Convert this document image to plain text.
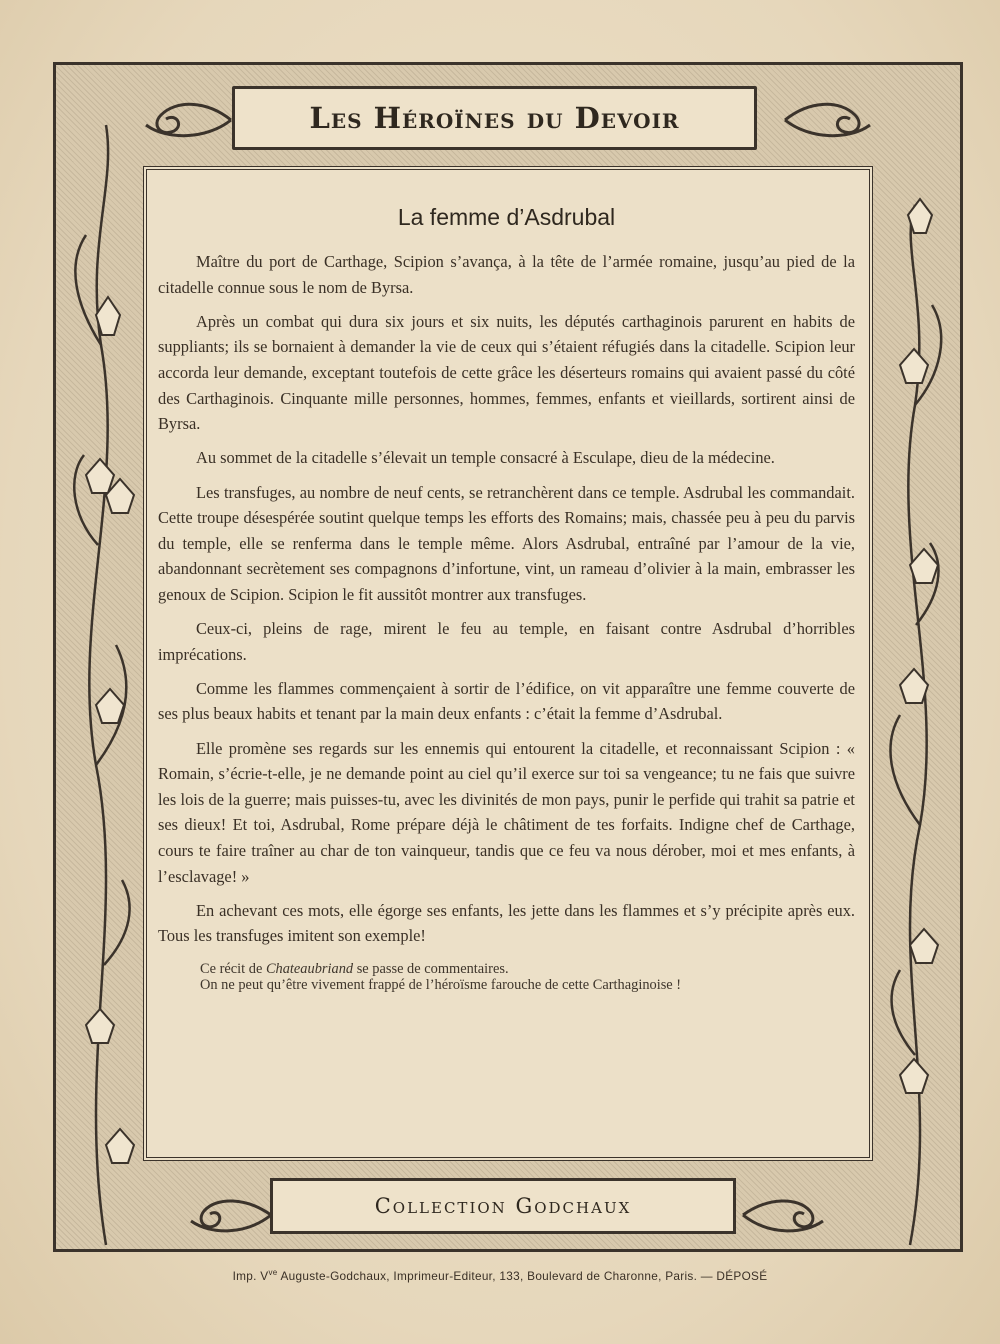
Les Héroïnes du Devoir
La femme d’Asdrubal

Maître du port de Carthage, Scipion s’avança, à la tête de l’armée romaine, jusqu’au pied de la citadelle connue sous le nom de Byrsa.

Après un combat qui dura six jours et six nuits, les députés carthaginois parurent en habits de suppliants; ils se bornaient à demander la vie de ceux qui s’étaient réfugiés dans la citadelle. Scipion leur accorda leur demande, exceptant toutefois de cette grâce les déserteurs romains qui avaient passé du côté des Carthaginois. Cinquante mille personnes, hommes, femmes, enfants et vieillards, sortirent ainsi de Byrsa.

Au sommet de la citadelle s’élevait un temple consacré à Esculape, dieu de la médecine.

Les transfuges, au nombre de neuf cents, se retranchèrent dans ce temple. Asdrubal les commandait. Cette troupe désespérée soutint quelque temps les efforts des Romains; mais, chassée peu à peu du parvis du temple, elle se renferma dans le temple même. Alors Asdrubal, entraîné par l’amour de la vie, abandonnant secrètement ses compagnons d’infortune, vint, un rameau d’olivier à la main, embrasser les genoux de Scipion. Scipion le fit aussitôt montrer aux transfuges.

Ceux-ci, pleins de rage, mirent le feu au temple, en faisant contre Asdrubal d’horribles imprécations.

Comme les flammes commençaient à sortir de l’édifice, on vit apparaître une femme couverte de ses plus beaux habits et tenant par la main deux enfants : c’était la femme d’Asdrubal.

Elle promène ses regards sur les ennemis qui entourent la citadelle, et reconnaissant Scipion : « Romain, s’écrie-t-elle, je ne demande point au ciel qu’il exerce sur toi sa vengeance; tu ne fais que suivre les lois de la guerre; mais puisses-tu, avec les divinités de mon pays, punir le perfide qui trahit sa patrie et ses dieux! Et toi, Asdrubal, Rome prépare déjà le châtiment de tes forfaits. Indigne chef de Carthage, cours te faire traîner au char de ton vainqueur, tandis que ce feu va nous dérober, moi et mes enfants, à l’esclavage! »

En achevant ces mots, elle égorge ses enfants, les jette dans les flammes et s’y précipite après eux. Tous les transfuges imitent son exemple!

Ce récit de Chateaubriand se passe de commentaires.
On ne peut qu’être vivement frappé de l’héroïsme farouche de cette Carthaginoise !
Collection Godchaux
Imp. $V^{ve}$ Auguste-Godchaux, Imprimeur-Editeur, 133, Boulevard de Charonne, Paris. — DÉPOSÉ
